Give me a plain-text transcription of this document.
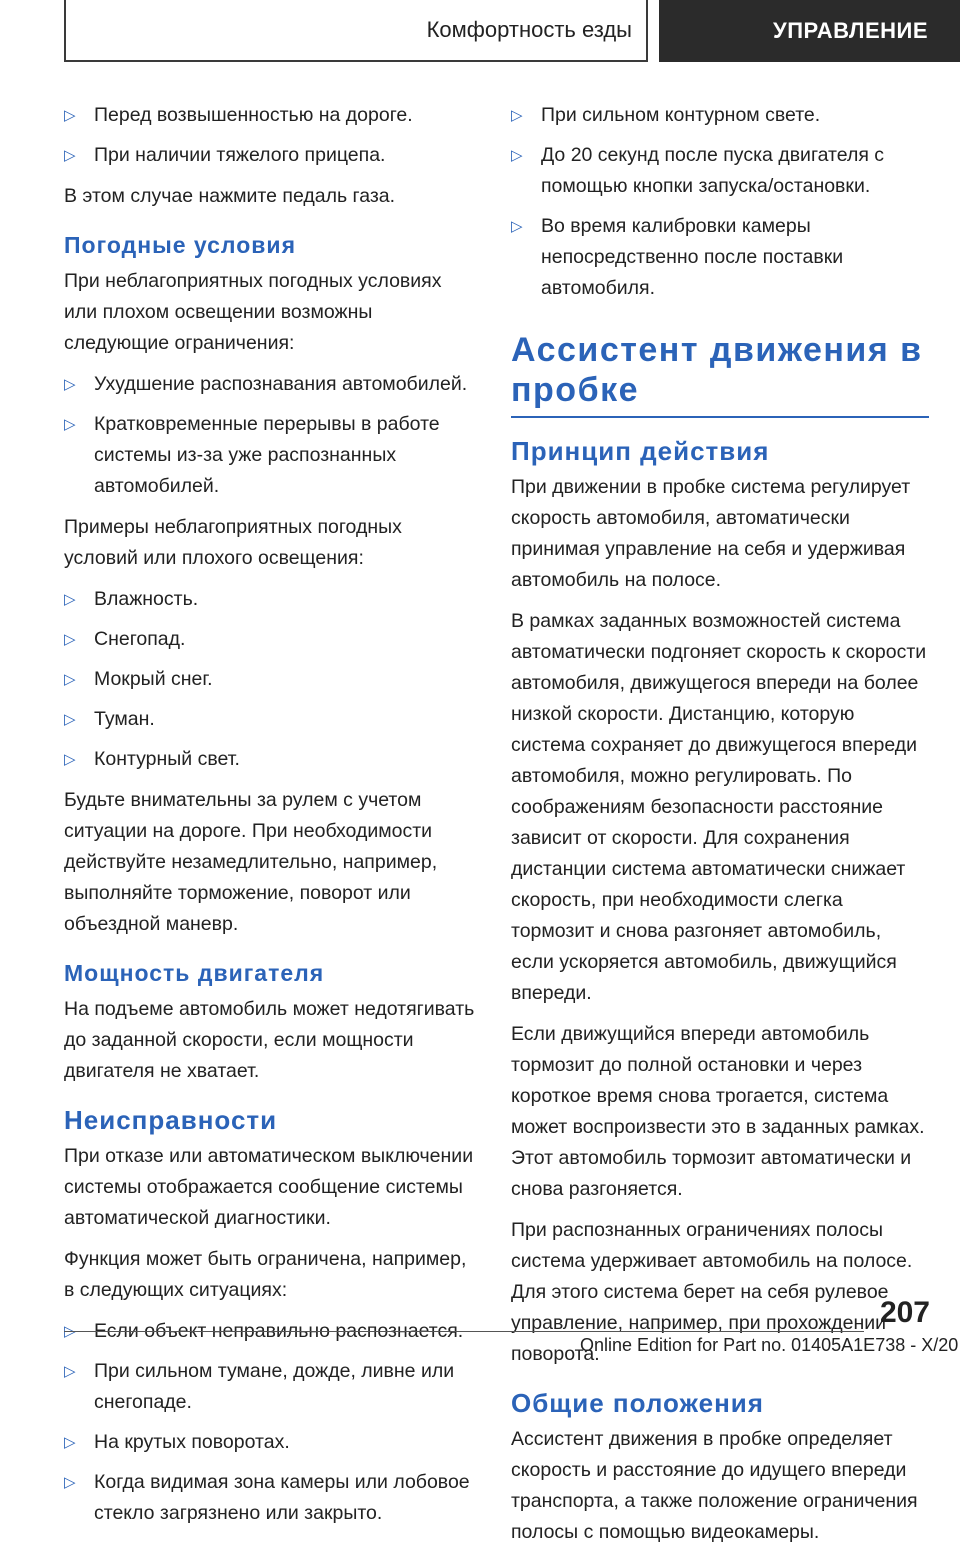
Комфортность езды	УПРАВЛЕНИЕ
▷ Перед возвышенностью на дороге.
▷ При наличии тяжелого прицепа.

В этом случае нажмите педаль газа.

Погодные условия

При неблагоприятных погодных условиях или плохом освещении возможны следующие ограничения:

▷ Ухудшение распознавания автомобилей.
▷ Кратковременные перерывы в работе системы из-за уже распознанных автомобилей.

Примеры неблагоприятных погодных условий или плохого освещения:

▷ Влажность.
▷ Снегопад.
▷ Мокрый снег.
▷ Туман.
▷ Контурный свет.

Будьте внимательны за рулем с учетом ситуации на дороге. При необходимости действуйте незамедлительно, например, выполняйте торможение, поворот или объездной маневр.

Мощность двигателя

На подъеме автомобиль может недотягивать до заданной скорости, если мощности двигателя не хватает.

Неисправности

При отказе или автоматическом выключении системы отображается сообщение системы автоматической диагностики.

Функция может быть ограничена, например, в следующих ситуациях:

▷ Если объект неправильно распознается.
▷ При сильном тумане, дожде, ливне или снегопаде.
▷ На крутых поворотах.
▷ Когда видимая зона камеры или лобовое стекло загрязнено или закрыто.
▷ При сильном контурном свете.
▷ До 20 секунд после пуска двигателя с помощью кнопки запуска/остановки.
▷ Во время калибровки камеры непосредственно после поставки автомобиля.
Ассистент движения в пробке
Принцип действия

При движении в пробке система регулирует скорость автомобиля, автоматически принимая управление на себя и удерживая автомобиль на полосе.

В рамках заданных возможностей система автоматически подгоняет скорость к скорости автомобиля, движущегося впереди на более низкой скорости. Дистанцию, которую система сохраняет до движущегося впереди автомобиля, можно регулировать. По соображениям безопасности расстояние зависит от скорости. Для сохранения дистанции система автоматически снижает скорость, при необходимости слегка тормозит и снова разгоняет автомобиль, если ускоряется автомобиль, движущийся впереди.

Если движущийся впереди автомобиль тормозит до полной остановки и через короткое время снова трогается, система может воспроизвести это в заданных рамках. Этот автомобиль тормозит автоматически и снова разгоняется.

При распознанных ограничениях полосы система удерживает автомобиль на полосе. Для этого система берет на себя рулевое управление, например, при прохождении поворота.

Общие положения

Ассистент движения в пробке определяет скорость и расстояние до идущего впереди транспорта, а также положение ограничения полосы с помощью видеокамеры.

207
Online Edition for Part no. 01405A1E738 - X/20
